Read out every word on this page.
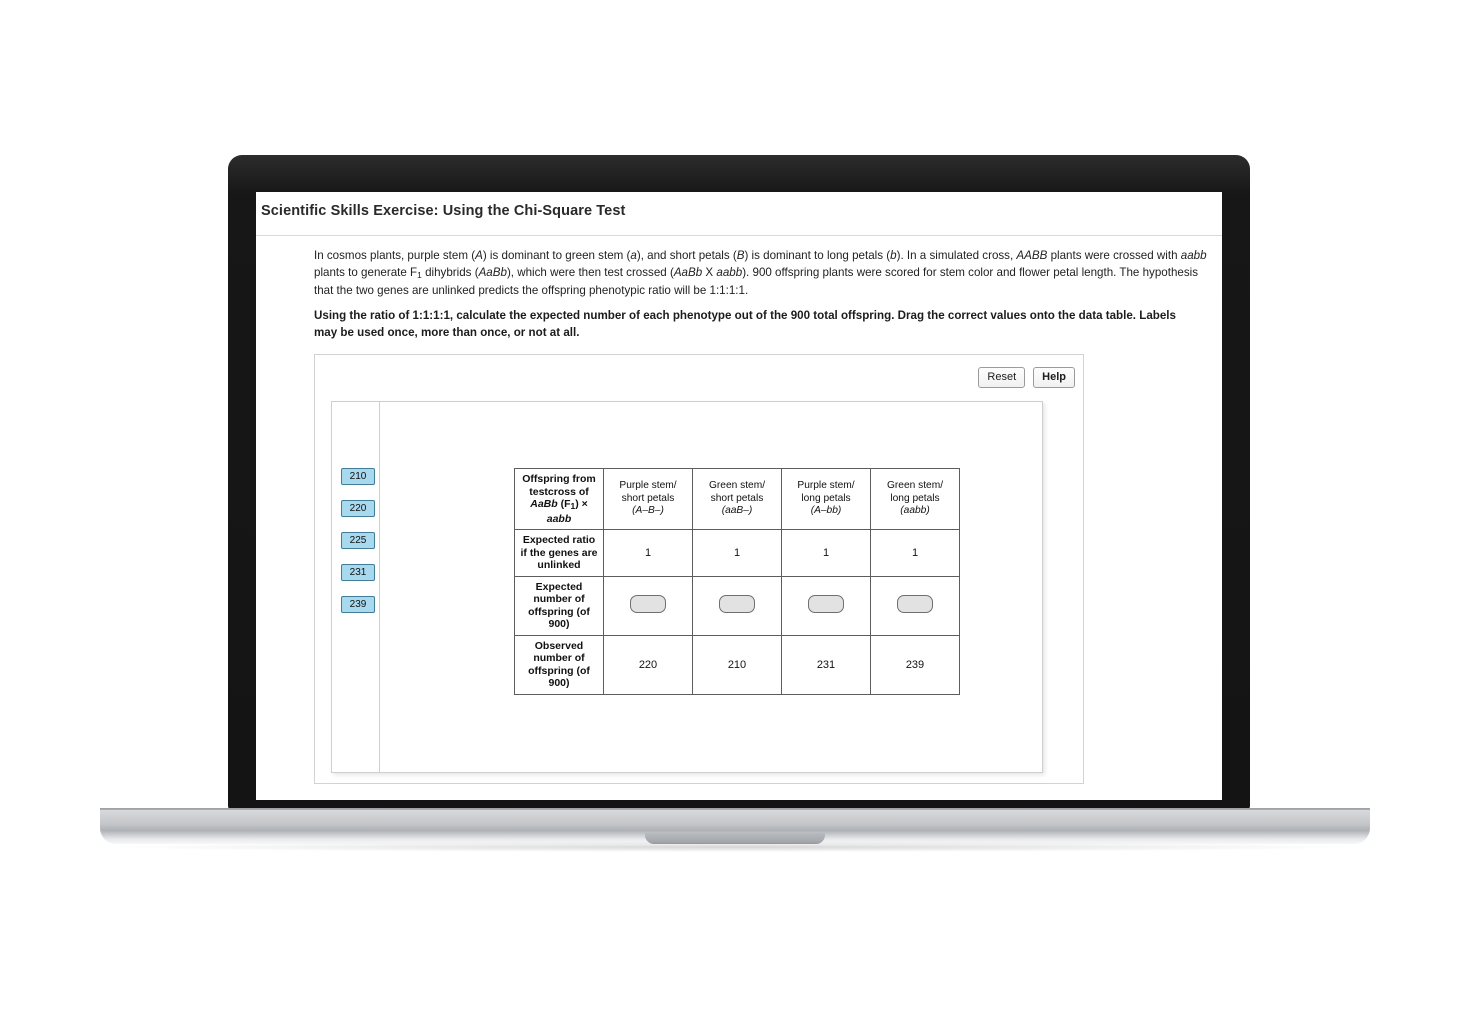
Scientific Skills Exercise: Using the Chi-Square Test
In cosmos plants, purple stem (A) is dominant to green stem (a), and short petals (B) is dominant to long petals (b). In a simulated cross, AABB plants were crossed with aabb plants to generate $F_1$ dihybrids (AaBb), which were then test crossed (AaBb X aabb). 900 offspring plants were scored for stem color and flower petal length. The hypothesis that the two genes are unlinked predicts the offspring phenotypic ratio will be 1:1:1:1.
Using the ratio of 1:1:1:1, calculate the expected number of each phenotype out of the 900 total offspring. Drag the correct values onto the data table. Labels may be used once, more than once, or not at all.
Reset	Help
210
220
225
231
239
Offspring from testcross of AaBb $(F_1)$ × aabb	Purple stem/
short petals
(A–B–)	Green stem/
short petals
(aaB–)	Purple stem/
long petals
(A–bb)	Green stem/
long petals
(aabb)
Expected ratio if the genes are unlinked	1	1	1	1
Expected number of offspring (of 900)				
Observed number of offspring (of 900)	220	210	231	239
